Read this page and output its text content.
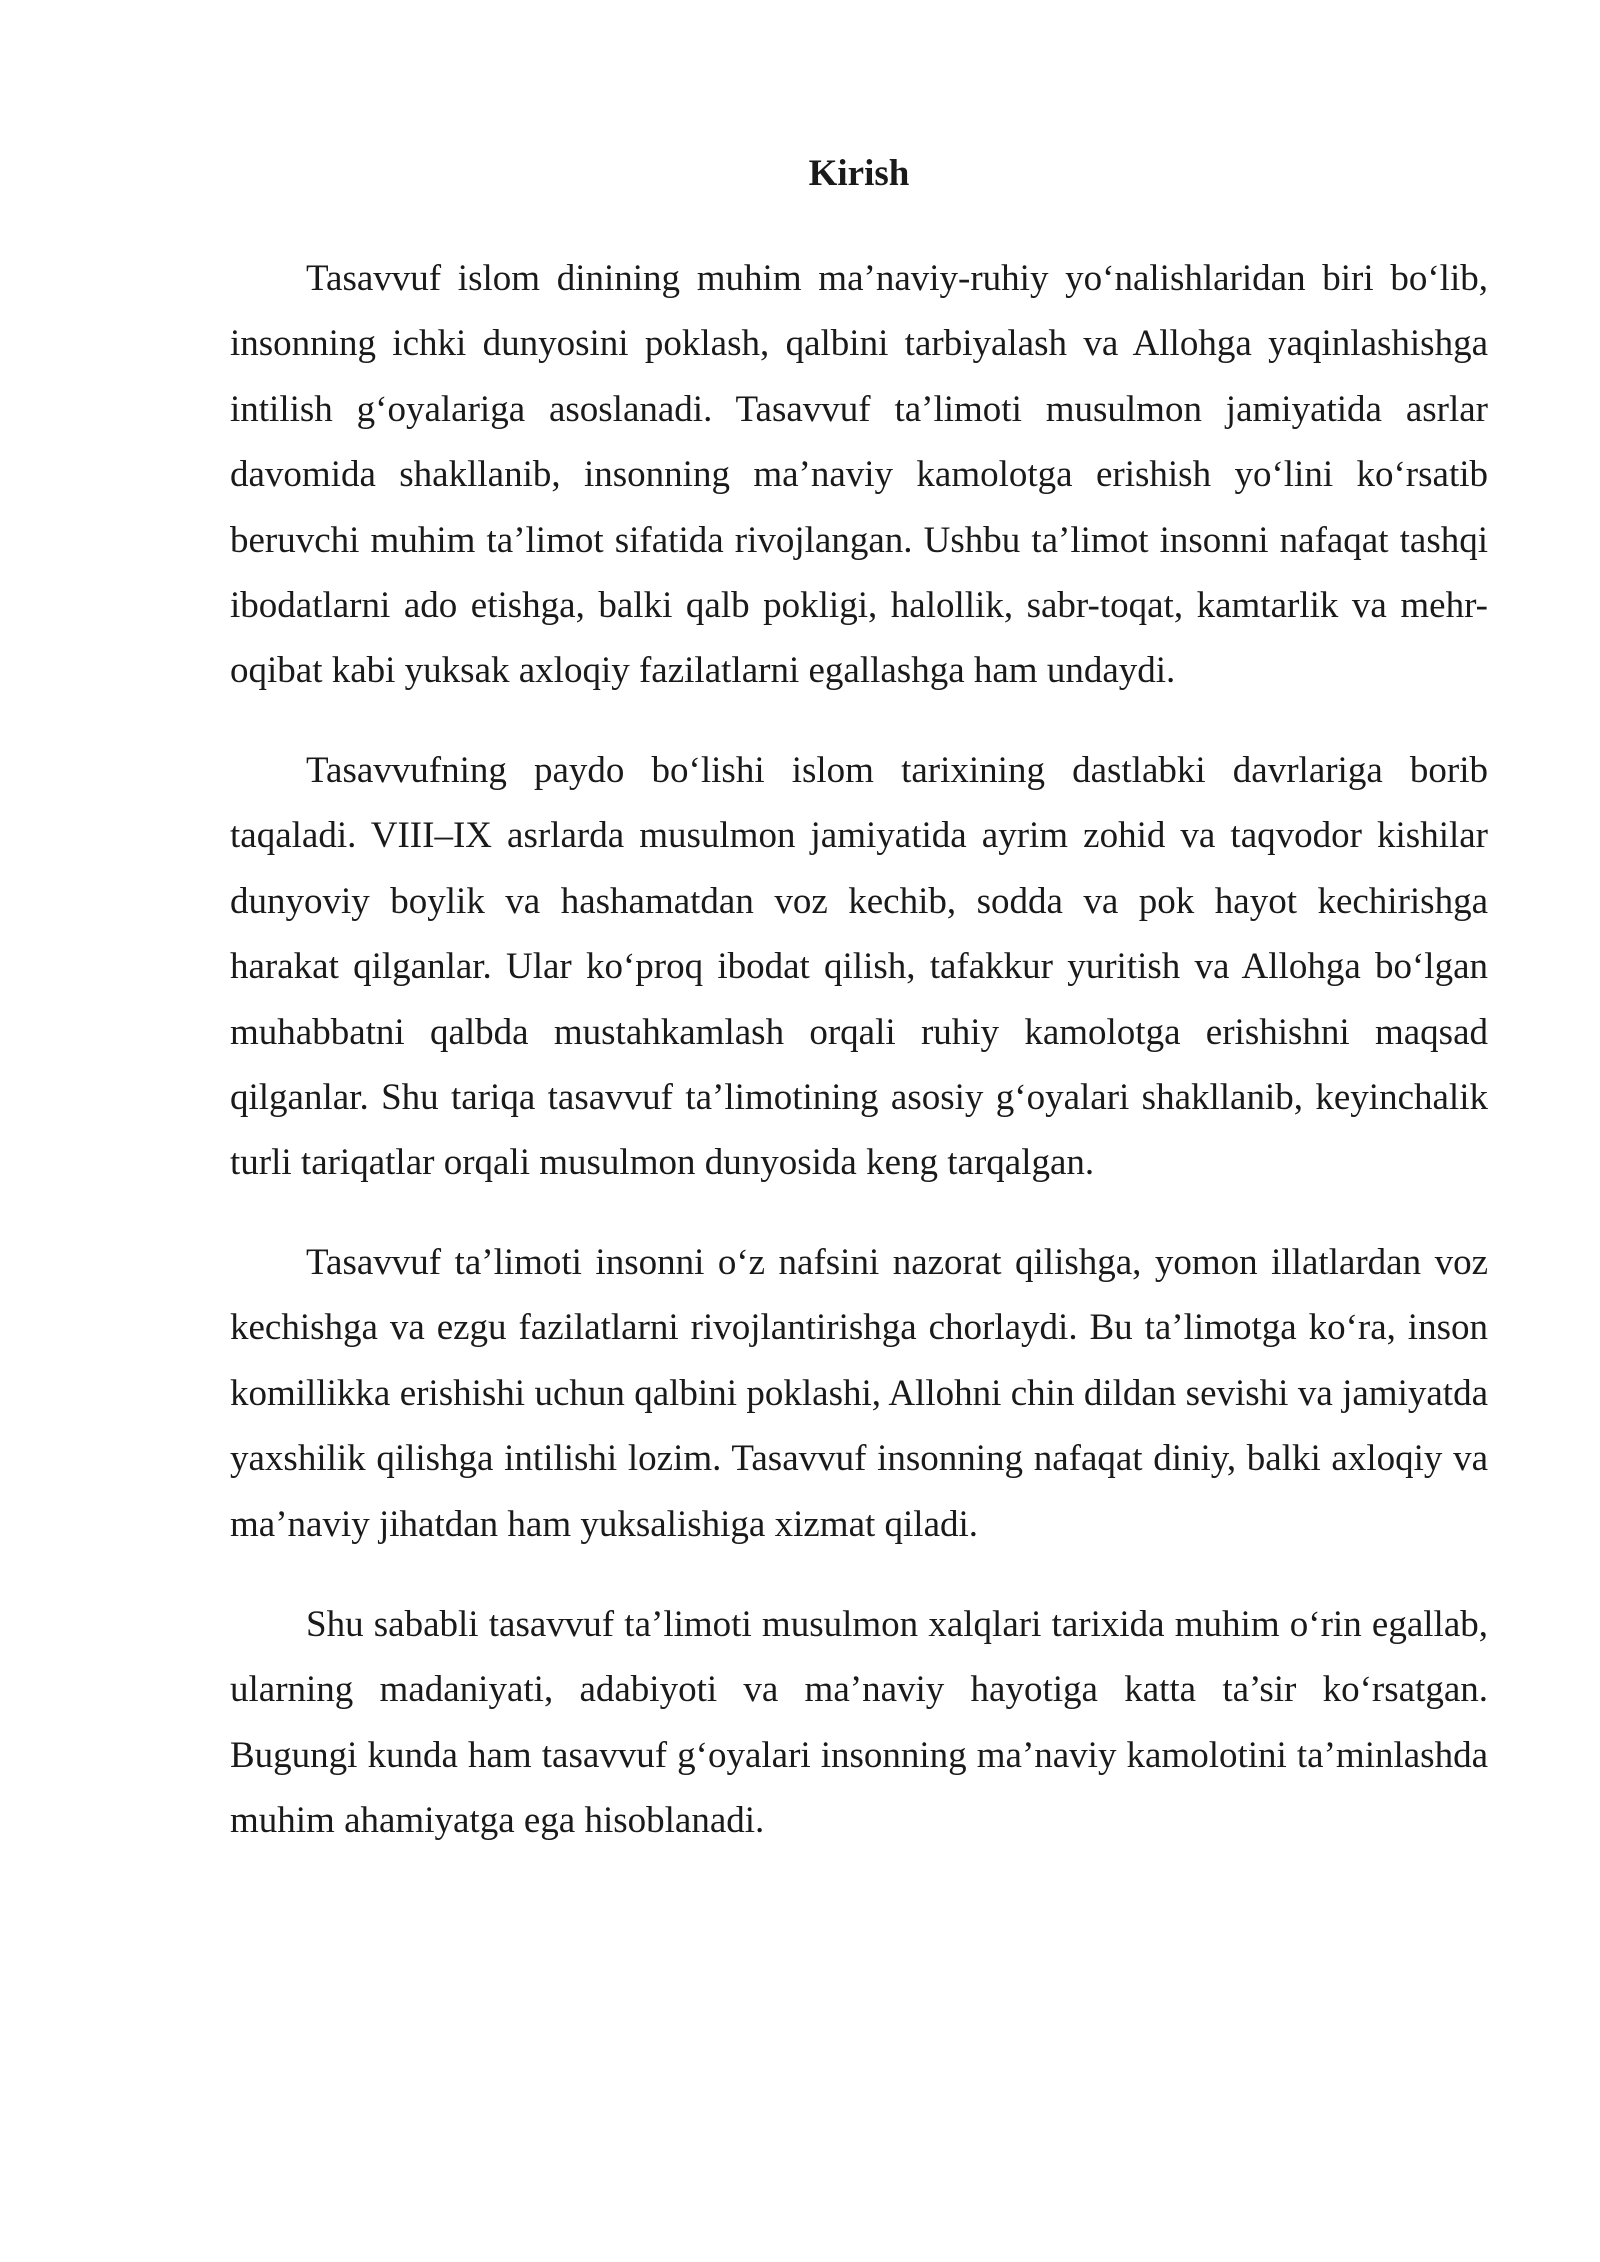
Kirish

Tasavvuf islom dinining muhim ma’naviy-ruhiy yo‘nalishlaridan biri bo‘lib, insonning ichki dunyosini poklash, qalbini tarbiyalash va Allohga yaqinlashishga intilish g‘oyalariga asoslanadi. Tasavvuf ta’limoti musulmon jamiyatida asrlar davomida shakllanib, insonning ma’naviy kamolotga erishish yo‘lini ko‘rsatib beruvchi muhim ta’limot sifatida rivojlangan. Ushbu ta’limot insonni nafaqat tashqi ibodatlarni ado etishga, balki qalb pokligi, halollik, sabr-toqat, kamtarlik va mehr-oqibat kabi yuksak axloqiy fazilatlarni egallashga ham undaydi.

Tasavvufning paydo bo‘lishi islom tarixining dastlabki davrlariga borib taqaladi. VIII–IX asrlarda musulmon jamiyatida ayrim zohid va taqvodor kishilar dunyoviy boylik va hashamatdan voz kechib, sodda va pok hayot kechirishga harakat qilganlar. Ular ko‘proq ibodat qilish, tafakkur yuritish va Allohga bo‘lgan muhabbatni qalbda mustahkamlash orqali ruhiy kamolotga erishishni maqsad qilganlar. Shu tariqa tasavvuf ta’limotining asosiy g‘oyalari shakllanib, keyinchalik turli tariqatlar orqali musulmon dunyosida keng tarqalgan.

Tasavvuf ta’limoti insonni o‘z nafsini nazorat qilishga, yomon illatlardan voz kechishga va ezgu fazilatlarni rivojlantirishga chorlaydi. Bu ta’limotga ko‘ra, inson komillikka erishishi uchun qalbini poklashi, Allohni chin dildan sevishi va jamiyatda yaxshilik qilishga intilishi lozim. Tasavvuf insonning nafaqat diniy, balki axloqiy va ma’naviy jihatdan ham yuksalishiga xizmat qiladi.

Shu sababli tasavvuf ta’limoti musulmon xalqlari tarixida muhim o‘rin egallab, ularning madaniyati, adabiyoti va ma’naviy hayotiga katta ta’sir ko‘rsatgan. Bugungi kunda ham tasavvuf g‘oyalari insonning ma’naviy kamolotini ta’minlashda muhim ahamiyatga ega hisoblanadi.
